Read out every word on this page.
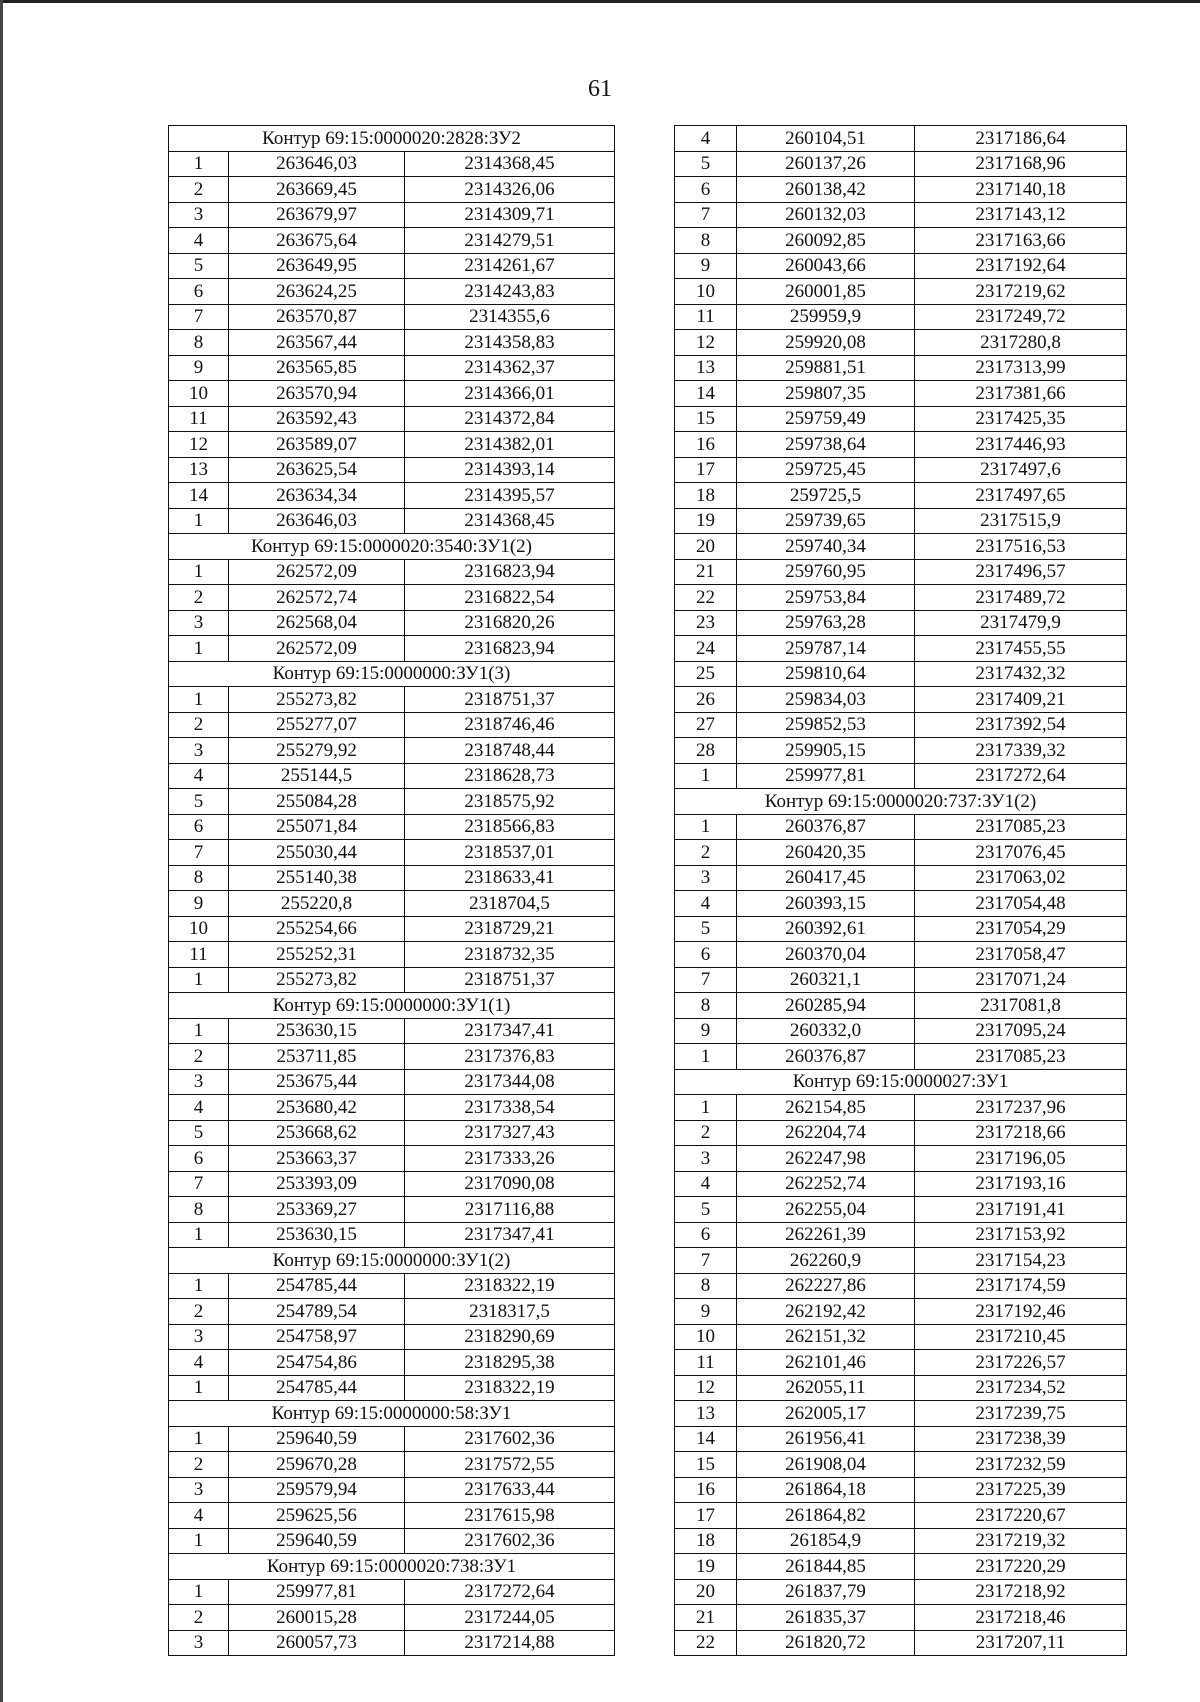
61
Контур 69:15:0000020:2828:ЗУ2		
1	263646,03	2314368,45
2	263669,45	2314326,06
3	263679,97	2314309,71
4	263675,64	2314279,51
5	263649,95	2314261,67
6	263624,25	2314243,83
7	263570,87	2314355,6
8	263567,44	2314358,83
9	263565,85	2314362,37
10	263570,94	2314366,01
11	263592,43	2314372,84
12	263589,07	2314382,01
13	263625,54	2314393,14
14	263634,34	2314395,57
1	263646,03	2314368,45
Контур 69:15:0000020:3540:ЗУ1(2)		
1	262572,09	2316823,94
2	262572,74	2316822,54
3	262568,04	2316820,26
1	262572,09	2316823,94
Контур 69:15:0000000:ЗУ1(3)		
1	255273,82	2318751,37
2	255277,07	2318746,46
3	255279,92	2318748,44
4	255144,5	2318628,73
5	255084,28	2318575,92
6	255071,84	2318566,83
7	255030,44	2318537,01
8	255140,38	2318633,41
9	255220,8	2318704,5
10	255254,66	2318729,21
11	255252,31	2318732,35
1	255273,82	2318751,37
Контур 69:15:0000000:ЗУ1(1)		
1	253630,15	2317347,41
2	253711,85	2317376,83
3	253675,44	2317344,08
4	253680,42	2317338,54
5	253668,62	2317327,43
6	253663,37	2317333,26
7	253393,09	2317090,08
8	253369,27	2317116,88
1	253630,15	2317347,41
Контур 69:15:0000000:ЗУ1(2)		
1	254785,44	2318322,19
2	254789,54	2318317,5
3	254758,97	2318290,69
4	254754,86	2318295,38
1	254785,44	2318322,19
Контур 69:15:0000000:58:ЗУ1		
1	259640,59	2317602,36
2	259670,28	2317572,55
3	259579,94	2317633,44
4	259625,56	2317615,98
1	259640,59	2317602,36
Контур 69:15:0000020:738:ЗУ1		
1	259977,81	2317272,64
2	260015,28	2317244,05
3	260057,73	2317214,88
4	260104,51	2317186,64
5	260137,26	2317168,96
6	260138,42	2317140,18
7	260132,03	2317143,12
8	260092,85	2317163,66
9	260043,66	2317192,64
10	260001,85	2317219,62
11	259959,9	2317249,72
12	259920,08	2317280,8
13	259881,51	2317313,99
14	259807,35	2317381,66
15	259759,49	2317425,35
16	259738,64	2317446,93
17	259725,45	2317497,6
18	259725,5	2317497,65
19	259739,65	2317515,9
20	259740,34	2317516,53
21	259760,95	2317496,57
22	259753,84	2317489,72
23	259763,28	2317479,9
24	259787,14	2317455,55
25	259810,64	2317432,32
26	259834,03	2317409,21
27	259852,53	2317392,54
28	259905,15	2317339,32
1	259977,81	2317272,64
Контур 69:15:0000020:737:ЗУ1(2)		
1	260376,87	2317085,23
2	260420,35	2317076,45
3	260417,45	2317063,02
4	260393,15	2317054,48
5	260392,61	2317054,29
6	260370,04	2317058,47
7	260321,1	2317071,24
8	260285,94	2317081,8
9	260332,0	2317095,24
1	260376,87	2317085,23
Контур 69:15:0000027:ЗУ1		
1	262154,85	2317237,96
2	262204,74	2317218,66
3	262247,98	2317196,05
4	262252,74	2317193,16
5	262255,04	2317191,41
6	262261,39	2317153,92
7	262260,9	2317154,23
8	262227,86	2317174,59
9	262192,42	2317192,46
10	262151,32	2317210,45
11	262101,46	2317226,57
12	262055,11	2317234,52
13	262005,17	2317239,75
14	261956,41	2317238,39
15	261908,04	2317232,59
16	261864,18	2317225,39
17	261864,82	2317220,67
18	261854,9	2317219,32
19	261844,85	2317220,29
20	261837,79	2317218,92
21	261835,37	2317218,46
22	261820,72	2317207,11
